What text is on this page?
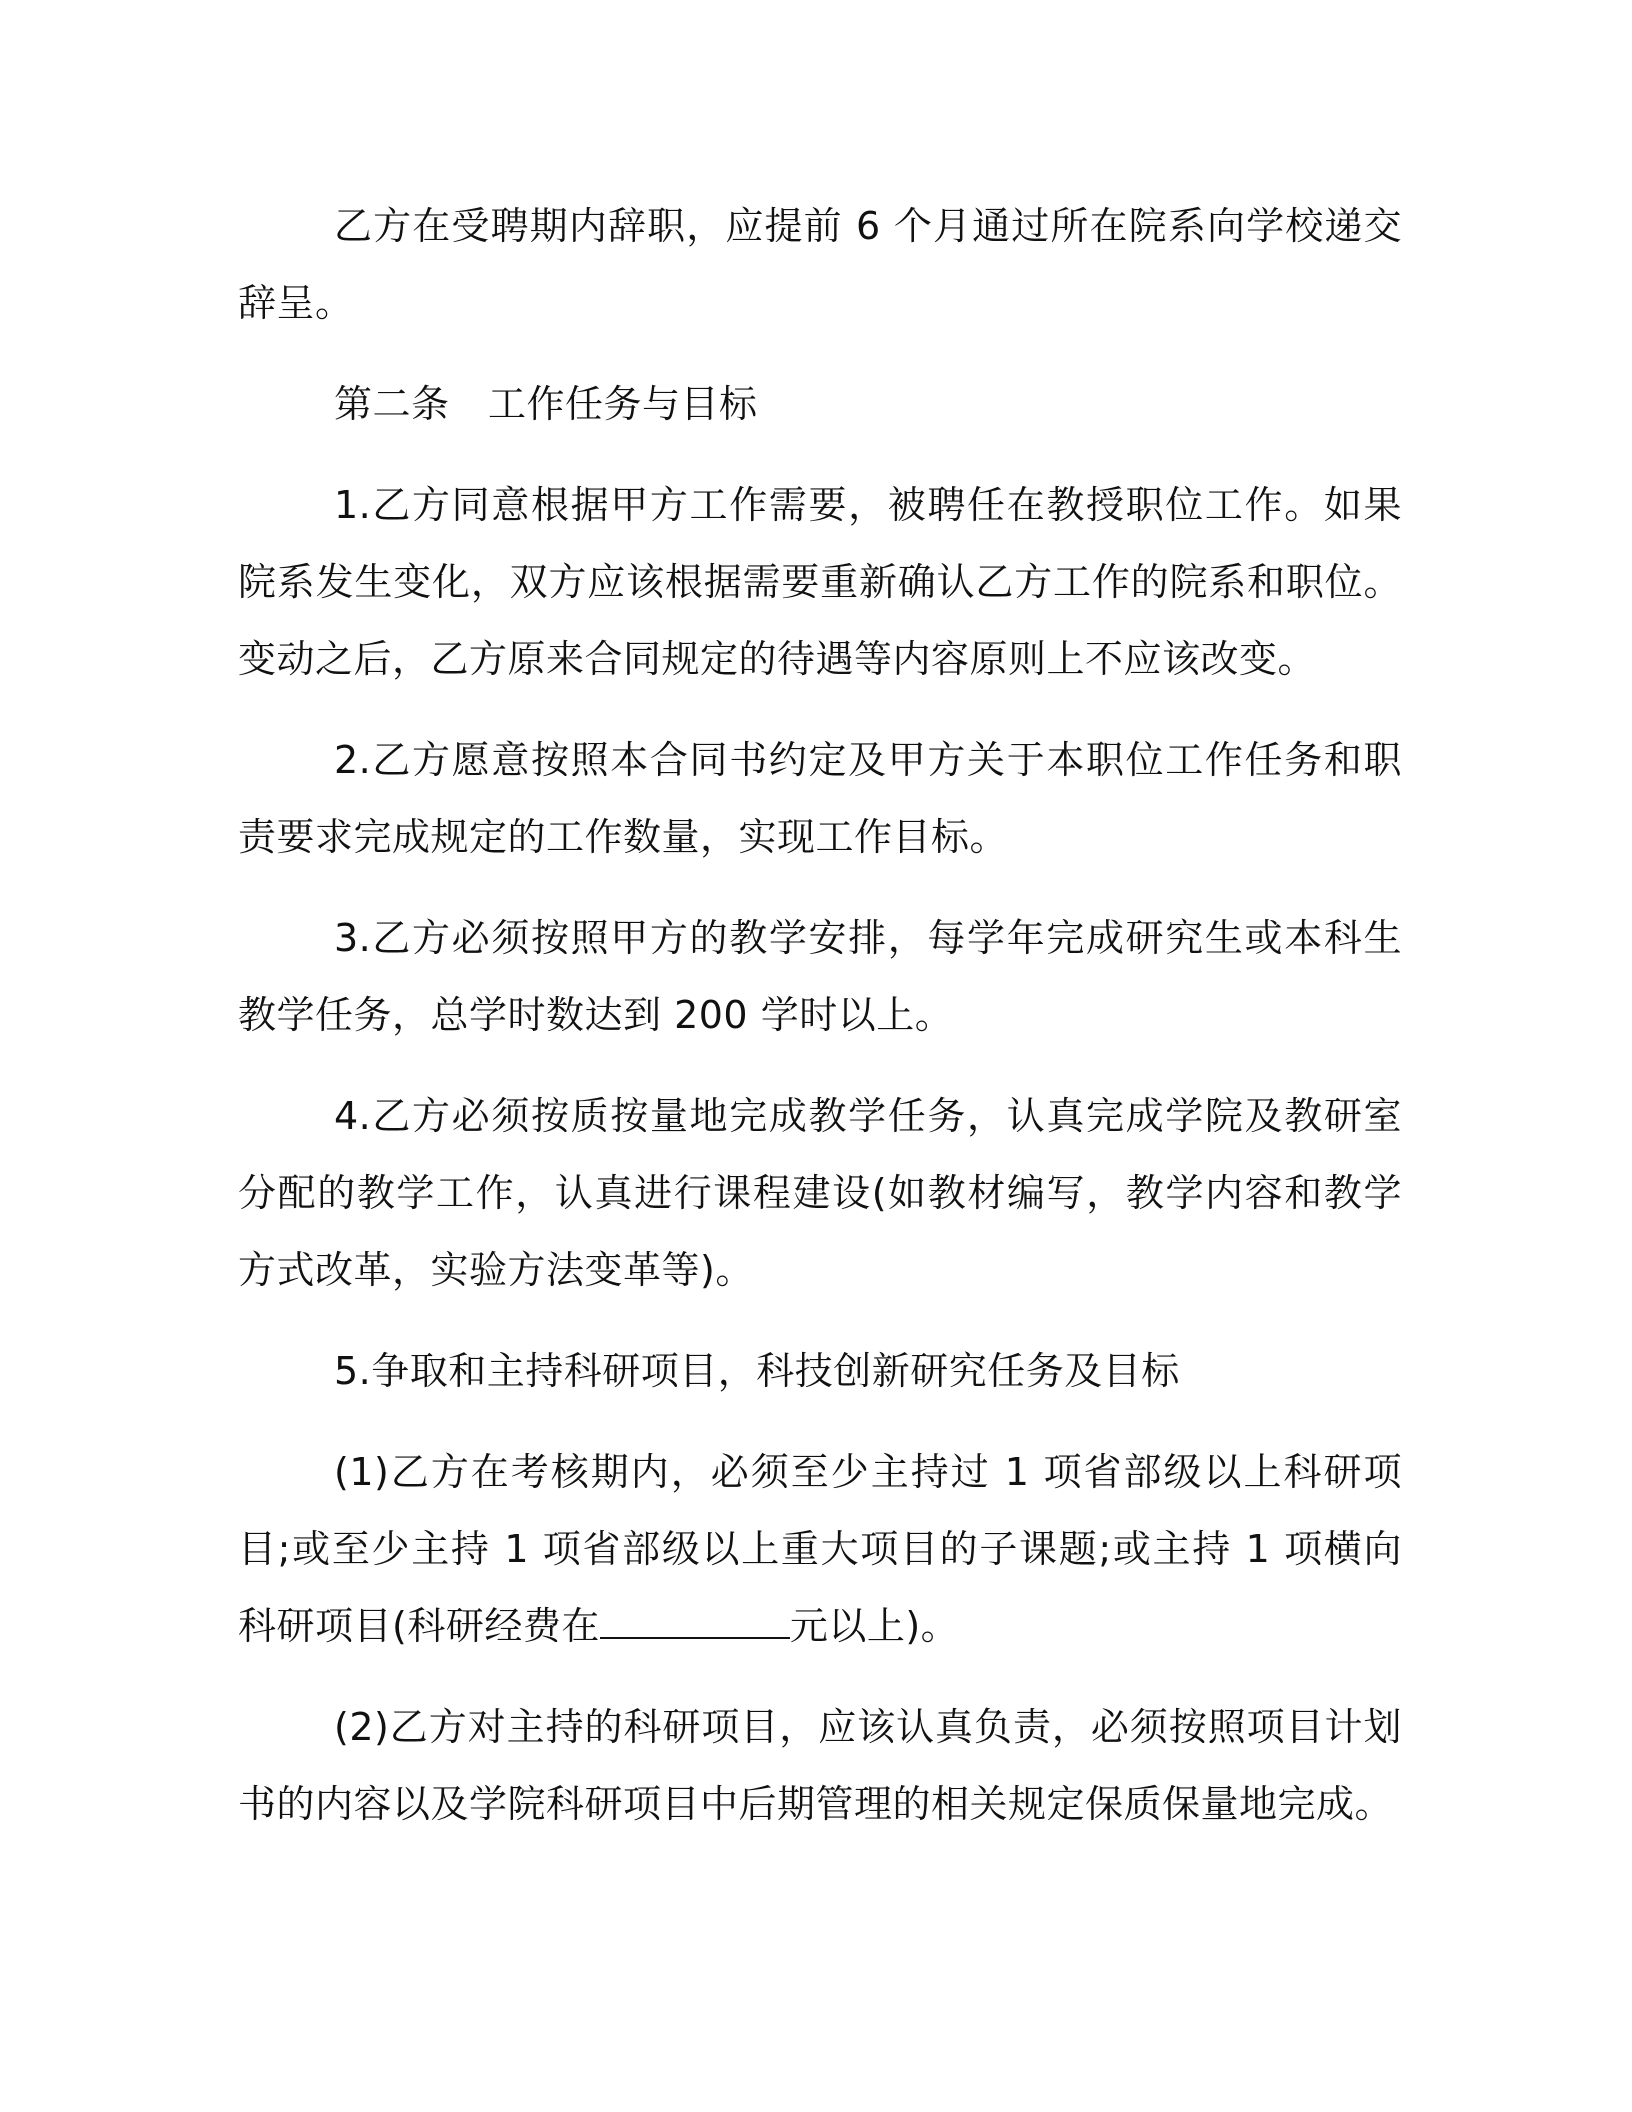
乙方在受聘期内辞职，应提前 6 个月通过所在院系向学校递交辞呈。

第二条　工作任务与目标

1.乙方同意根据甲方工作需要，被聘任在教授职位工作。如果院系发生变化，双方应该根据需要重新确认乙方工作的院系和职位。变动之后，乙方原来合同规定的待遇等内容原则上不应该改变。

2.乙方愿意按照本合同书约定及甲方关于本职位工作任务和职责要求完成规定的工作数量，实现工作目标。

3.乙方必须按照甲方的教学安排，每学年完成研究生或本科生教学任务，总学时数达到 200 学时以上。

4.乙方必须按质按量地完成教学任务，认真完成学院及教研室分配的教学工作，认真进行课程建设(如教材编写，教学内容和教学方式改革，实验方法变革等)。

5.争取和主持科研项目，科技创新研究任务及目标

(1)乙方在考核期内，必须至少主持过 1 项省部级以上科研项目;或至少主持 1 项省部级以上重大项目的子课题;或主持 1 项横向科研项目(科研经费在	元以上)。

(2)乙方对主持的科研项目，应该认真负责，必须按照项目计划书的内容以及学院科研项目中后期管理的相关规定保质保量地完成。
